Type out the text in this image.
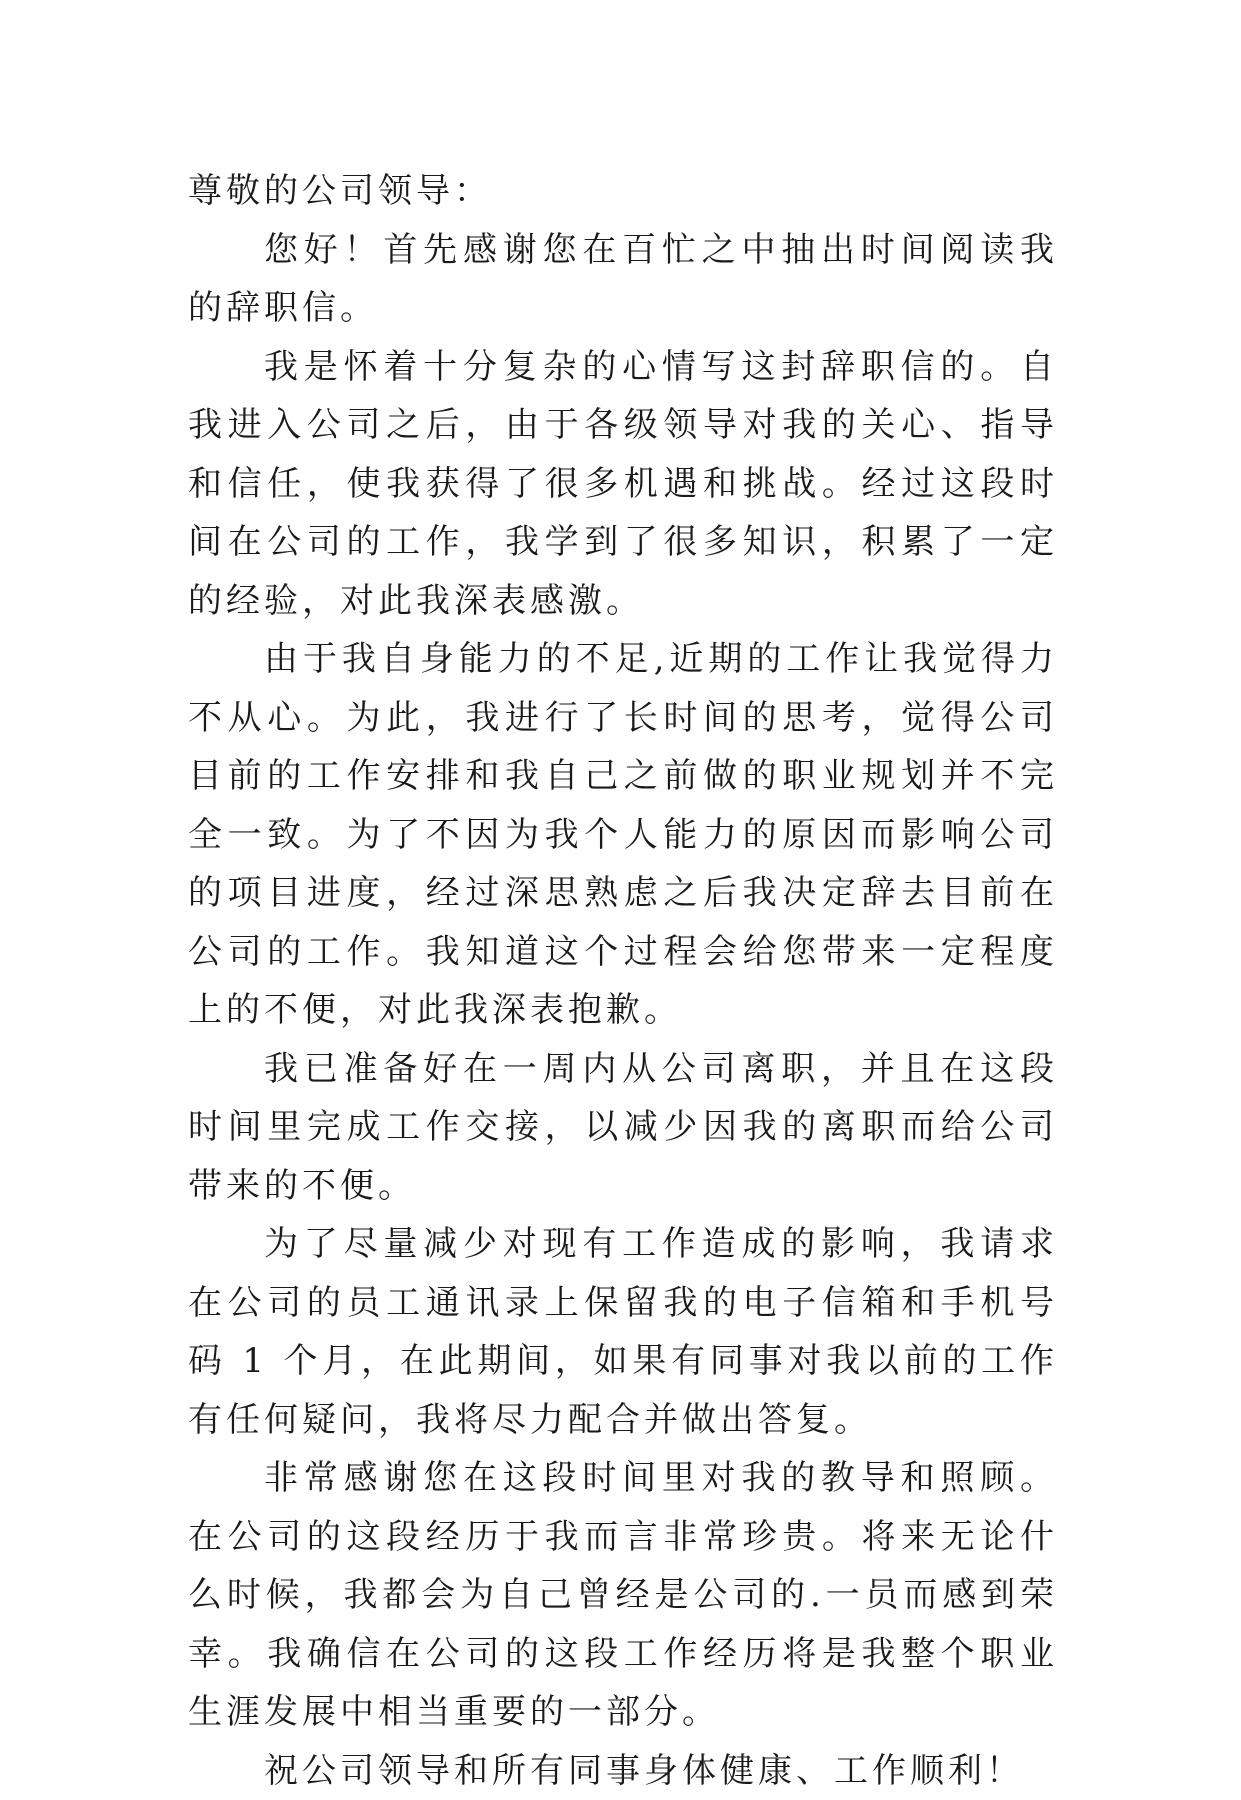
尊敬的公司领导：

您好！首先感谢您在百忙之中抽出时间阅读我的辞职信。

我是怀着十分复杂的心情写这封辞职信的。自我进入公司之后，由于各级领导对我的关心、指导和信任，使我获得了很多机遇和挑战。经过这段时间在公司的工作，我学到了很多知识，积累了一定的经验，对此我深表感激。

由于我自身能力的不足,近期的工作让我觉得力不从心。为此，我进行了长时间的思考，觉得公司目前的工作安排和我自己之前做的职业规划并不完全一致。为了不因为我个人能力的原因而影响公司的项目进度，经过深思熟虑之后我决定辞去目前在公司的工作。我知道这个过程会给您带来一定程度上的不便，对此我深表抱歉。

我已准备好在一周内从公司离职，并且在这段时间里完成工作交接，以减少因我的离职而给公司带来的不便。

为了尽量减少对现有工作造成的影响，我请求在公司的员工通讯录上保留我的电子信箱和手机号码 1 个月，在此期间，如果有同事对我以前的工作有任何疑问，我将尽力配合并做出答复。

非常感谢您在这段时间里对我的教导和照顾。在公司的这段经历于我而言非常珍贵。将来无论什么时候，我都会为自己曾经是公司的.一员而感到荣幸。我确信在公司的这段工作经历将是我整个职业生涯发展中相当重要的一部分。

祝公司领导和所有同事身体健康、工作顺利！
